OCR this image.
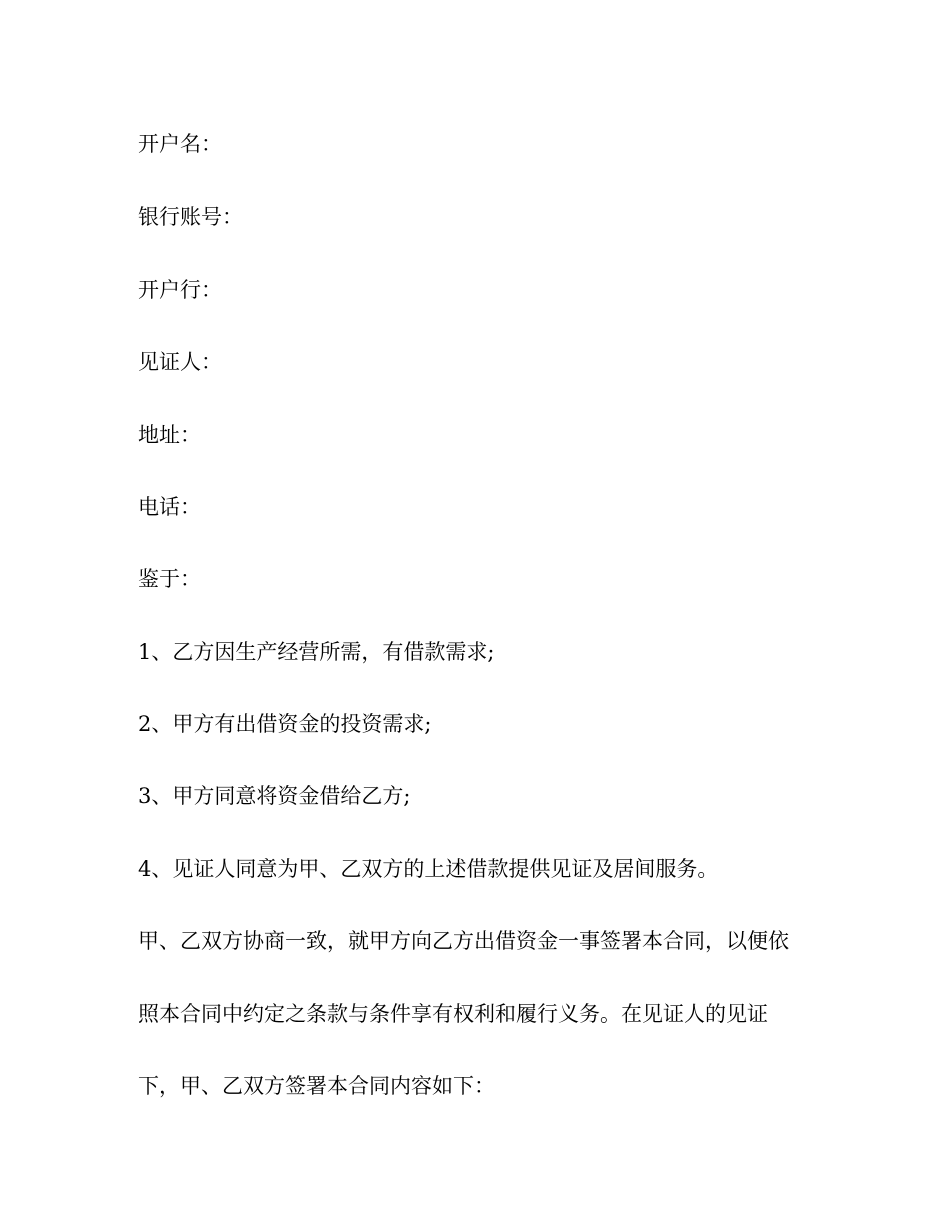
开户名：

银行账号：

开户行：

见证人：

地址：

电话：

鉴于：

1、乙方因生产经营所需，有借款需求;

2、甲方有出借资金的投资需求;

3、甲方同意将资金借给乙方;

4、见证人同意为甲、乙双方的上述借款提供见证及居间服务。

甲、乙双方协商一致，就甲方向乙方出借资金一事签署本合同，以便依

照本合同中约定之条款与条件享有权利和履行义务。在见证人的见证

下，甲、乙双方签署本合同内容如下：
